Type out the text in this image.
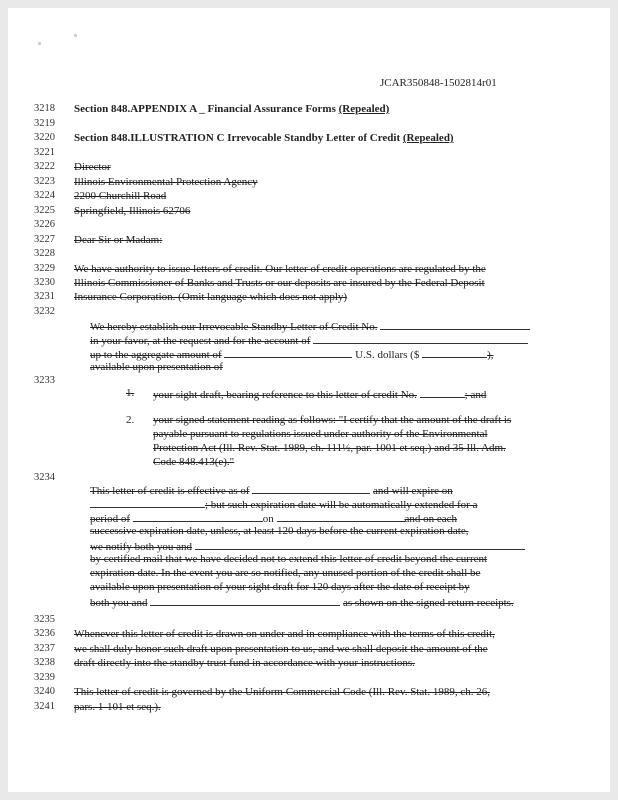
JCAR350848-1502814r01
3218
3219
3220
3221
3222
3223
3224
3225
3226
3227
3228
3229
3230
3231
3232
3233
3234
3235
3236
3237
3238
3239
3240
3241
Section 848.APPENDIX A _ Financial Assurance Forms (Repealed)
Section 848.ILLUSTRATION C Irrevocable Standby Letter of Credit (Repealed)
Director
Illinois Environmental Protection Agency
2200 Churchill Road
Springfield, Illinois 62706
Dear Sir or Madam:
We have authority to issue letters of credit. Our letter of credit operations are regulated by the
Illinois Commissioner of Banks and Trusts or our deposits are insured by the Federal Deposit
Insurance Corporation. (Omit language which does not apply)
We hereby establish our Irrevocable Standby Letter of Credit No.
in your favor, at the request and for the account of
up to the aggregate amount of	U.S. dollars ($	),
available upon presentation of
1. your sight draft, bearing reference to this letter of credit No.	; and
2. your signed statement reading as follows: "I certify that the amount of the draft is
payable pursuant to regulations issued under authority of the Environmental
Protection Act (Ill. Rev. Stat. 1989, ch. 111½, par. 1001 et seq.) and 35 Ill. Adm.
Code 848.413(e)."
This letter of credit is effective as of	and will expire on
; but such expiration date will be automatically extended for a
period of	on	and on each
successive expiration date, unless, at least 120 days before the current expiration date,
we notify both you and
by certified mail that we have decided not to extend this letter of credit beyond the current
expiration date. In the event you are so notified, any unused portion of the credit shall be
available upon presentation of your sight draft for 120 days after the date of receipt by
both you and	as shown on the signed return receipts.
Whenever this letter of credit is drawn on under and in compliance with the terms of this credit,
we shall duly honor such draft upon presentation to us, and we shall deposit the amount of the
draft directly into the standby trust fund in accordance with your instructions.
This letter of credit is governed by the Uniform Commercial Code (Ill. Rev. Stat. 1989, ch. 26,
pars. 1-101 et seq.).
